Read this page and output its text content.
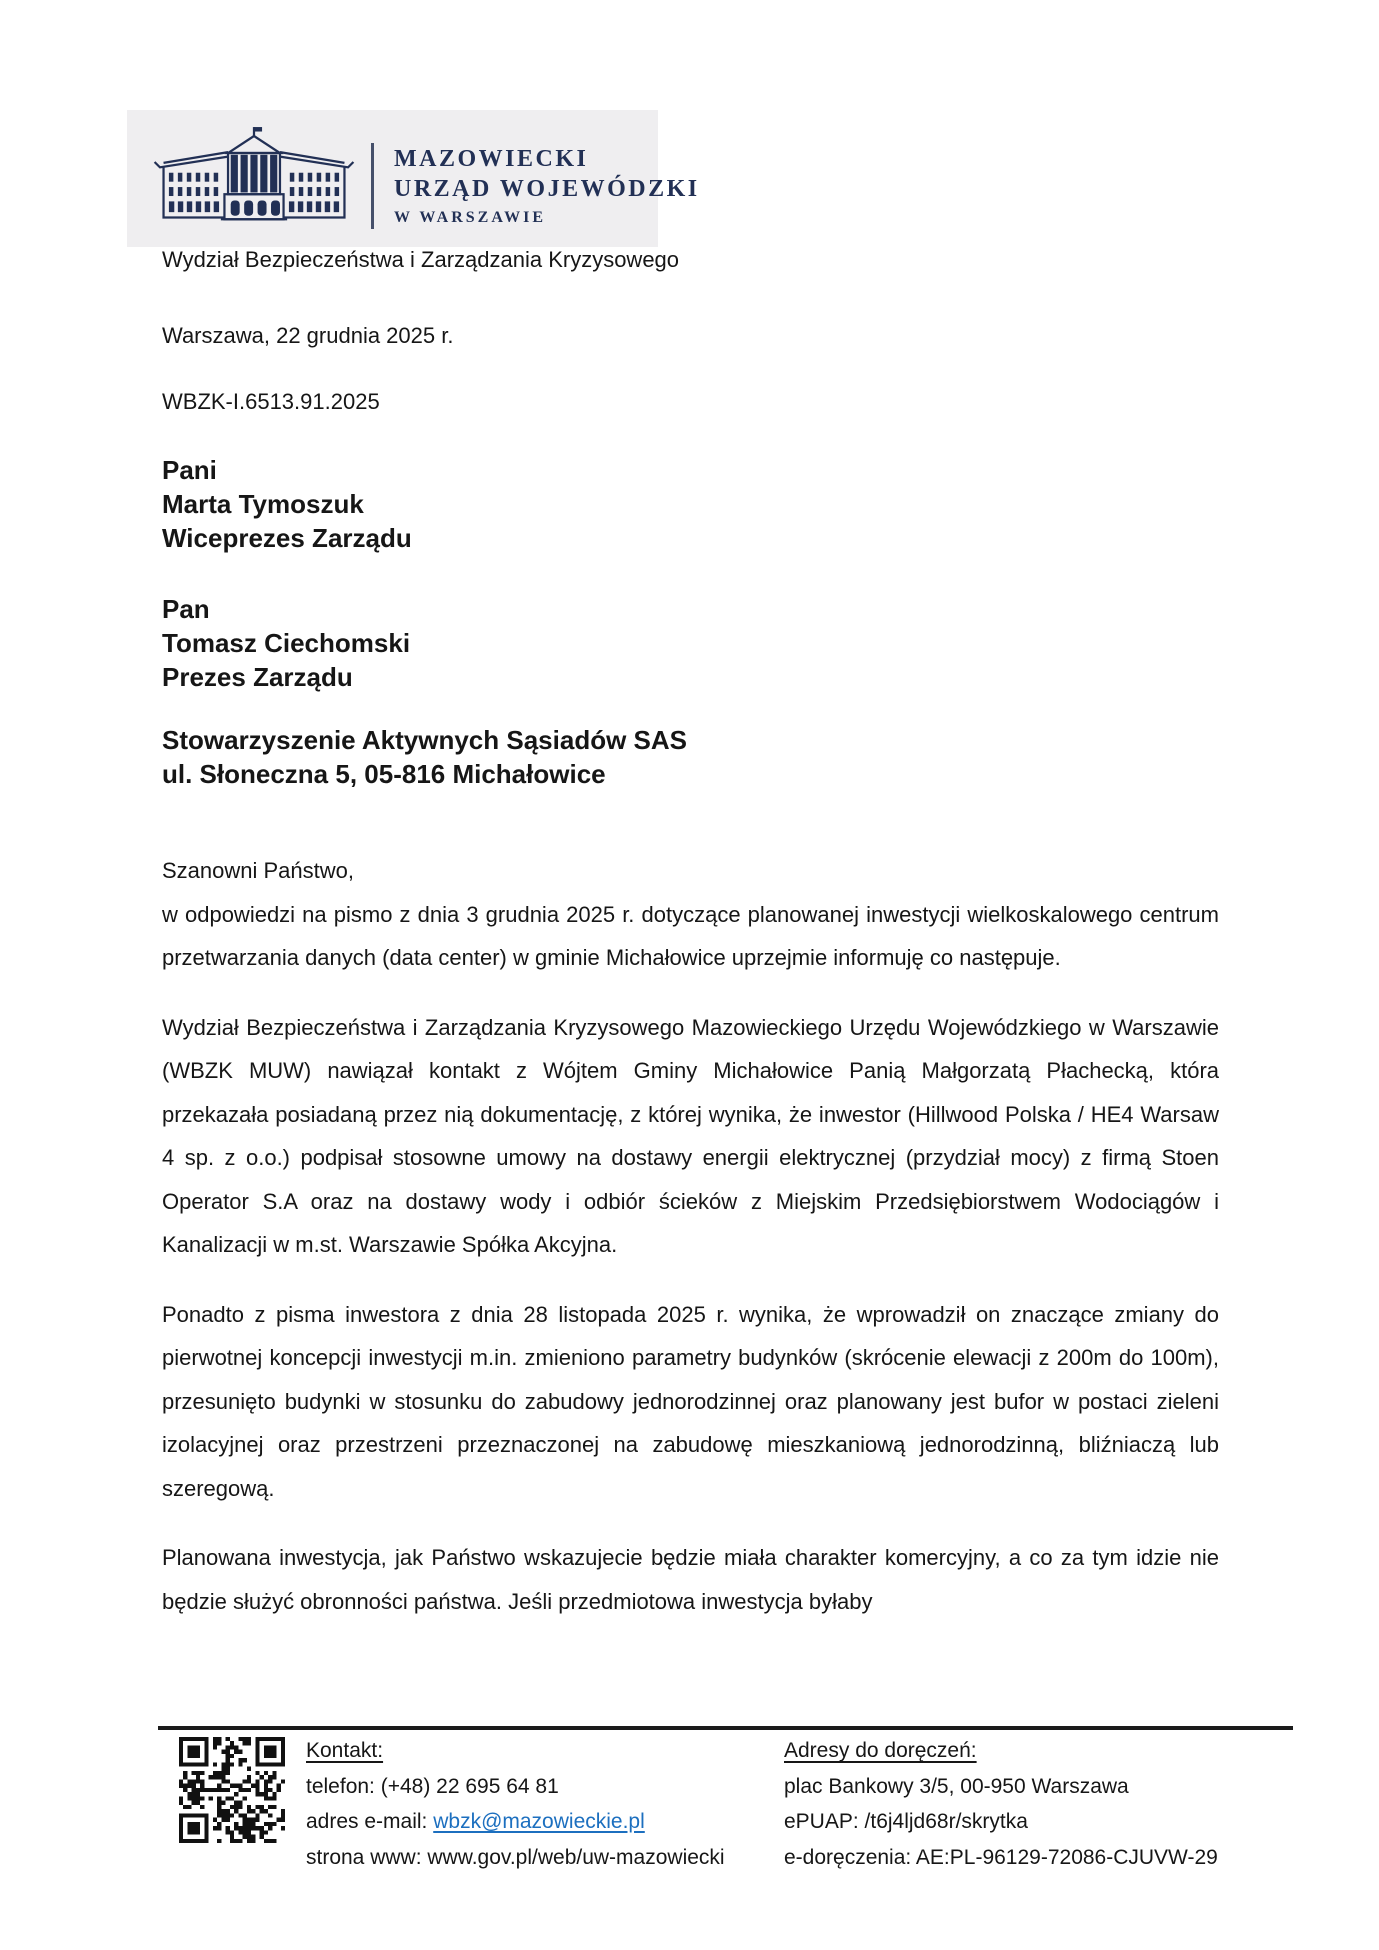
MAZOWIECKI
URZĄD WOJEWÓDZKI
W WARSZAWIE
Wydział Bezpieczeństwa i Zarządzania Kryzysowego
Warszawa, 22 grudnia 2025 r.
WBZK-I.6513.91.2025
Pani
Marta Tymoszuk
Wiceprezes Zarządu
Pan
Tomasz Ciechomski
Prezes Zarządu
Stowarzyszenie Aktywnych Sąsiadów SAS
ul. Słoneczna 5, 05-816 Michałowice

Szanowni Państwo,
w odpowiedzi na pismo z dnia 3 grudnia 2025 r. dotyczące planowanej inwestycji wielkoskalowego centrum przetwarzania danych (data center) w gminie Michałowice uprzejmie informuję co następuje.

Wydział Bezpieczeństwa i Zarządzania Kryzysowego Mazowieckiego Urzędu Wojewódzkiego w Warszawie (WBZK MUW) nawiązał kontakt z Wójtem Gminy Michałowice Panią Małgorzatą Płachecką, która przekazała posiadaną przez nią dokumentację, z której wynika, że inwestor (Hillwood Polska / HE4 Warsaw 4 sp. z o.o.) podpisał stosowne umowy na dostawy energii elektrycznej (przydział mocy) z firmą Stoen Operator S.A oraz na dostawy wody i odbiór ścieków z Miejskim Przedsiębiorstwem Wodociągów i Kanalizacji w m.st. Warszawie Spółka Akcyjna.

Ponadto z pisma inwestora z dnia 28 listopada 2025 r. wynika, że wprowadził on znaczące zmiany do pierwotnej koncepcji inwestycji m.in. zmieniono parametry budynków (skrócenie elewacji z 200m do 100m), przesunięto budynki w stosunku do zabudowy jednorodzinnej oraz planowany jest bufor w postaci zieleni izolacyjnej oraz przestrzeni przeznaczonej na zabudowę mieszkaniową jednorodzinną, bliźniaczą lub szeregową.

Planowana inwestycja, jak Państwo wskazujecie będzie miała charakter komercyjny, a co za tym idzie nie będzie służyć obronności państwa. Jeśli przedmiotowa inwestycja byłaby

Kontakt:
telefon: (+48) 22 695 64 81
adres e-mail: wbzk@mazowieckie.pl
strona www: www.gov.pl/web/uw-mazowiecki
Adresy do doręczeń:
plac Bankowy 3/5, 00-950 Warszawa
ePUAP: /t6j4ljd68r/skrytka
e-doręczenia: AE:PL-96129-72086-CJUVW-29
